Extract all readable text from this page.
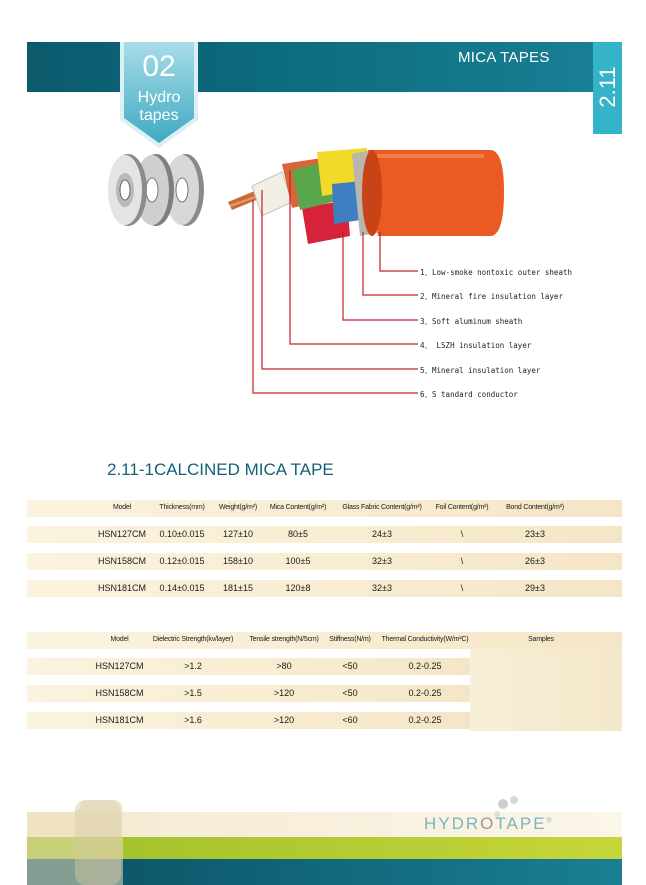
MICA TAPES
2.11
02
Hydro
tapes
1、Low-smoke nontoxic outer sheath
2、Mineral fire insulation layer
3、Soft aluminum sheath
4、 LSZH insulation layer
5、Mineral insulation layer
6、S tandard conductor
2.11-1CALCINED MICA TAPE
Model	Thickness(mm)	Weight(g/m²)	Mica Content(g/m²)	Glass Fabric Content(g/m²)	Foil Content(g/m²)	Bond Content(g/m²)
HSN127CM	0.10±0.015	127±10	80±5	24±3	\	23±3
HSN158CM	0.12±0.015	158±10	100±5	32±3	\	26±3
HSN181CM	0.14±0.015	181±15	120±8	32±3	\	29±3
Model	Dielectric Strength(kv/layer)	Tensile strength(N/5cm)	Stiffness(N/m)	Thermal Conductivity(W/m²C)	Samples
HSN127CM	>1.2	>80	<50	0.2-0.25
HSN158CM	>1.5	>120	<50	0.2-0.25
HSN181CM	>1.6	>120	<60	0.2-0.25
HYDROTAPE®
